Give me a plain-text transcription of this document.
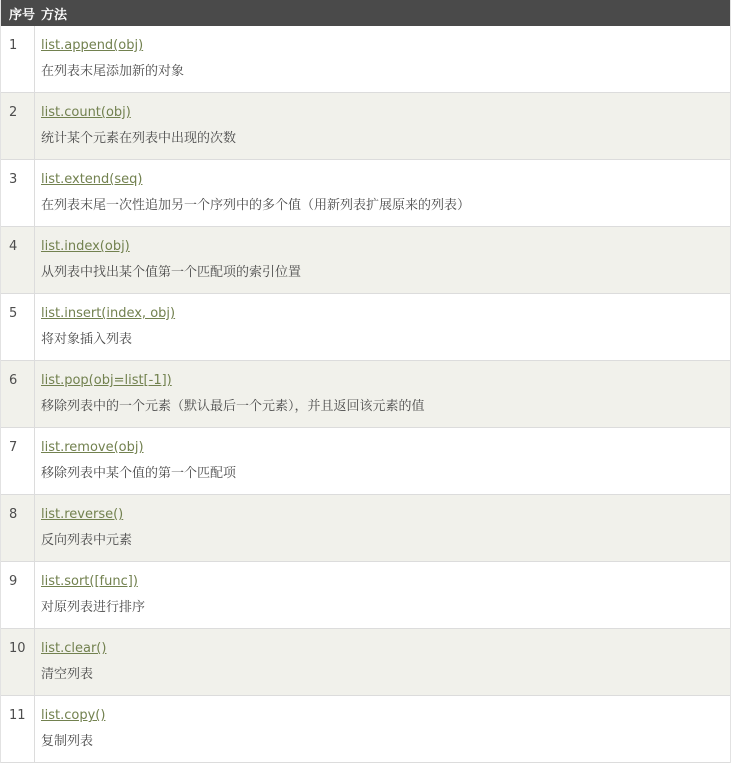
序号 方法
1	list.append(obj)
在列表末尾添加新的对象
2	list.count(obj)
统计某个元素在列表中出现的次数
3	list.extend(seq)
在列表末尾一次性追加另一个序列中的多个值（用新列表扩展原来的列表）
4	list.index(obj)
从列表中找出某个值第一个匹配项的索引位置
5	list.insert(index, obj)
将对象插入列表
6	list.pop(obj=list[-1])
移除列表中的一个元素（默认最后一个元素），并且返回该元素的值
7	list.remove(obj)
移除列表中某个值的第一个匹配项
8	list.reverse()
反向列表中元素
9	list.sort([func])
对原列表进行排序
10	list.clear()
清空列表
11	list.copy()
复制列表
